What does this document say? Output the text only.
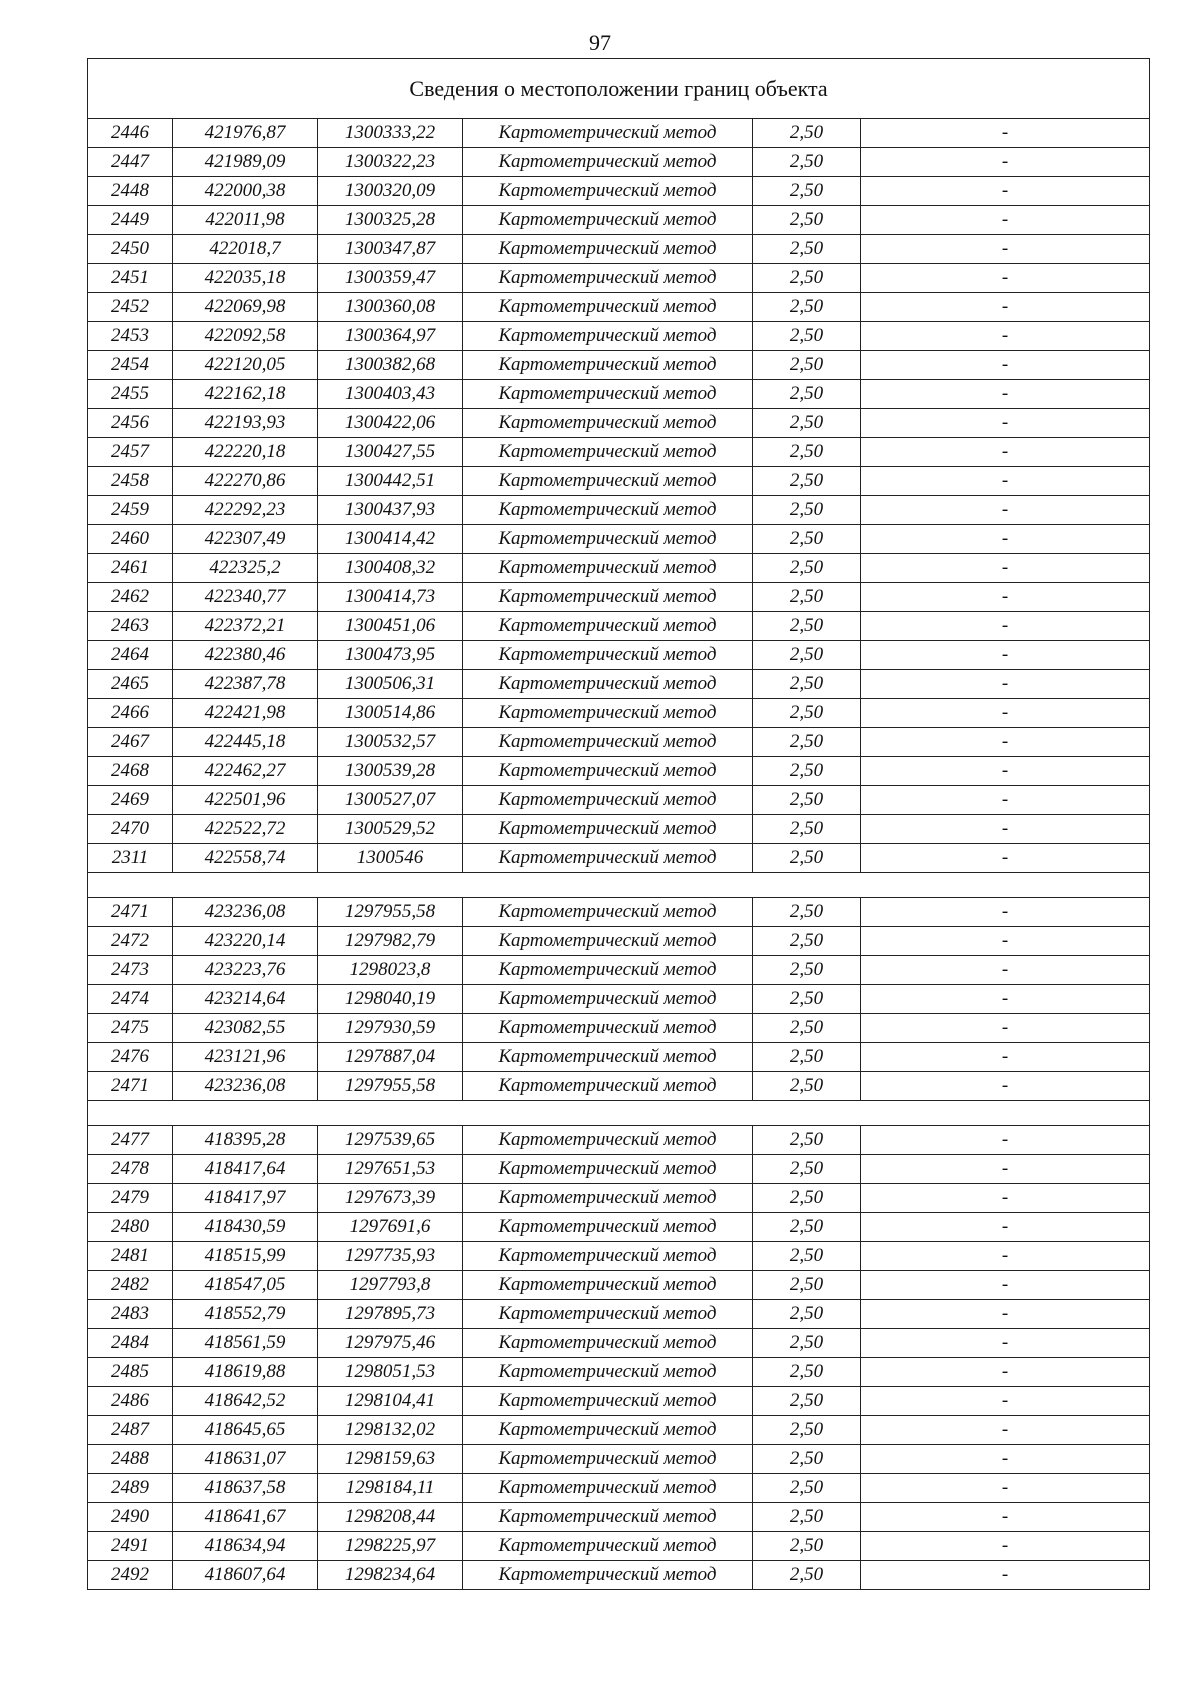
97
Сведения о местоположении границ объекта					
2446	421976,87	1300333,22	Картометрический метод	2,50	-
2447	421989,09	1300322,23	Картометрический метод	2,50	-
2448	422000,38	1300320,09	Картометрический метод	2,50	-
2449	422011,98	1300325,28	Картометрический метод	2,50	-
2450	422018,7	1300347,87	Картометрический метод	2,50	-
2451	422035,18	1300359,47	Картометрический метод	2,50	-
2452	422069,98	1300360,08	Картометрический метод	2,50	-
2453	422092,58	1300364,97	Картометрический метод	2,50	-
2454	422120,05	1300382,68	Картометрический метод	2,50	-
2455	422162,18	1300403,43	Картометрический метод	2,50	-
2456	422193,93	1300422,06	Картометрический метод	2,50	-
2457	422220,18	1300427,55	Картометрический метод	2,50	-
2458	422270,86	1300442,51	Картометрический метод	2,50	-
2459	422292,23	1300437,93	Картометрический метод	2,50	-
2460	422307,49	1300414,42	Картометрический метод	2,50	-
2461	422325,2	1300408,32	Картометрический метод	2,50	-
2462	422340,77	1300414,73	Картометрический метод	2,50	-
2463	422372,21	1300451,06	Картометрический метод	2,50	-
2464	422380,46	1300473,95	Картометрический метод	2,50	-
2465	422387,78	1300506,31	Картометрический метод	2,50	-
2466	422421,98	1300514,86	Картометрический метод	2,50	-
2467	422445,18	1300532,57	Картометрический метод	2,50	-
2468	422462,27	1300539,28	Картометрический метод	2,50	-
2469	422501,96	1300527,07	Картометрический метод	2,50	-
2470	422522,72	1300529,52	Картометрический метод	2,50	-
2311	422558,74	1300546	Картометрический метод	2,50	-

2471	423236,08	1297955,58	Картометрический метод	2,50	-
2472	423220,14	1297982,79	Картометрический метод	2,50	-
2473	423223,76	1298023,8	Картометрический метод	2,50	-
2474	423214,64	1298040,19	Картометрический метод	2,50	-
2475	423082,55	1297930,59	Картометрический метод	2,50	-
2476	423121,96	1297887,04	Картометрический метод	2,50	-
2471	423236,08	1297955,58	Картометрический метод	2,50	-

2477	418395,28	1297539,65	Картометрический метод	2,50	-
2478	418417,64	1297651,53	Картометрический метод	2,50	-
2479	418417,97	1297673,39	Картометрический метод	2,50	-
2480	418430,59	1297691,6	Картометрический метод	2,50	-
2481	418515,99	1297735,93	Картометрический метод	2,50	-
2482	418547,05	1297793,8	Картометрический метод	2,50	-
2483	418552,79	1297895,73	Картометрический метод	2,50	-
2484	418561,59	1297975,46	Картометрический метод	2,50	-
2485	418619,88	1298051,53	Картометрический метод	2,50	-
2486	418642,52	1298104,41	Картометрический метод	2,50	-
2487	418645,65	1298132,02	Картометрический метод	2,50	-
2488	418631,07	1298159,63	Картометрический метод	2,50	-
2489	418637,58	1298184,11	Картометрический метод	2,50	-
2490	418641,67	1298208,44	Картометрический метод	2,50	-
2491	418634,94	1298225,97	Картометрический метод	2,50	-
2492	418607,64	1298234,64	Картометрический метод	2,50	-
